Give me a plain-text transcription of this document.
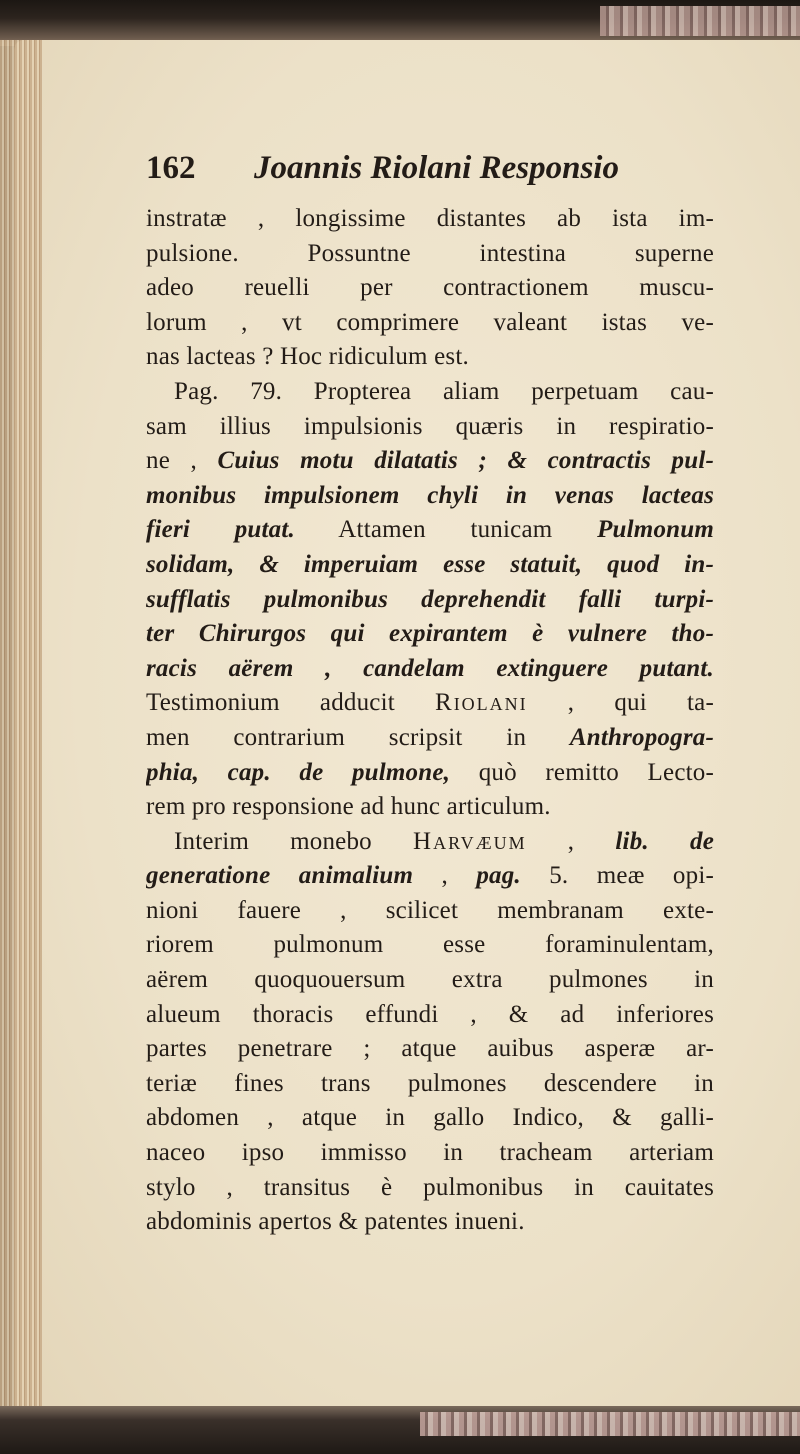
162	Joannis Riolani Responsio
instratæ , longissime distantes ab ista im-
pulsione. Possuntne intestina superne
adeo reuelli per contractionem muscu-
lorum , vt comprimere valeant istas ve-
nas lacteas ? Hoc ridiculum est.
Pag. 79. Propterea aliam perpetuam cau-
sam illius impulsionis quæris in respiratio-
ne , Cuius motu dilatatis ; & contractis pul-
monibus impulsionem chyli in venas lacteas
fieri putat. Attamen tunicam Pulmonum
solidam, & imperuiam esse statuit, quod in-
sufflatis pulmonibus deprehendit falli turpi-
ter Chirurgos qui expirantem è vulnere tho-
racis aërem , candelam extinguere putant.
Testimonium adducit Riolani , qui ta-
men contrarium scripsit in Anthropogra-
phia, cap. de pulmone, quò remitto Lecto-
rem pro responsione ad hunc articulum.
Interim monebo Harvæum , lib. de
generatione animalium , pag. 5. meæ opi-
nioni fauere , scilicet membranam exte-
riorem pulmonum esse foraminulentam,
aërem quoquouersum extra pulmones in
alueum thoracis effundi , & ad inferiores
partes penetrare ; atque auibus asperæ ar-
teriæ fines trans pulmones descendere in
abdomen , atque in gallo Indico, & galli-
naceo ipso immisso in tracheam arteriam
stylo , transitus è pulmonibus in cauitates
abdominis apertos & patentes inueni.
